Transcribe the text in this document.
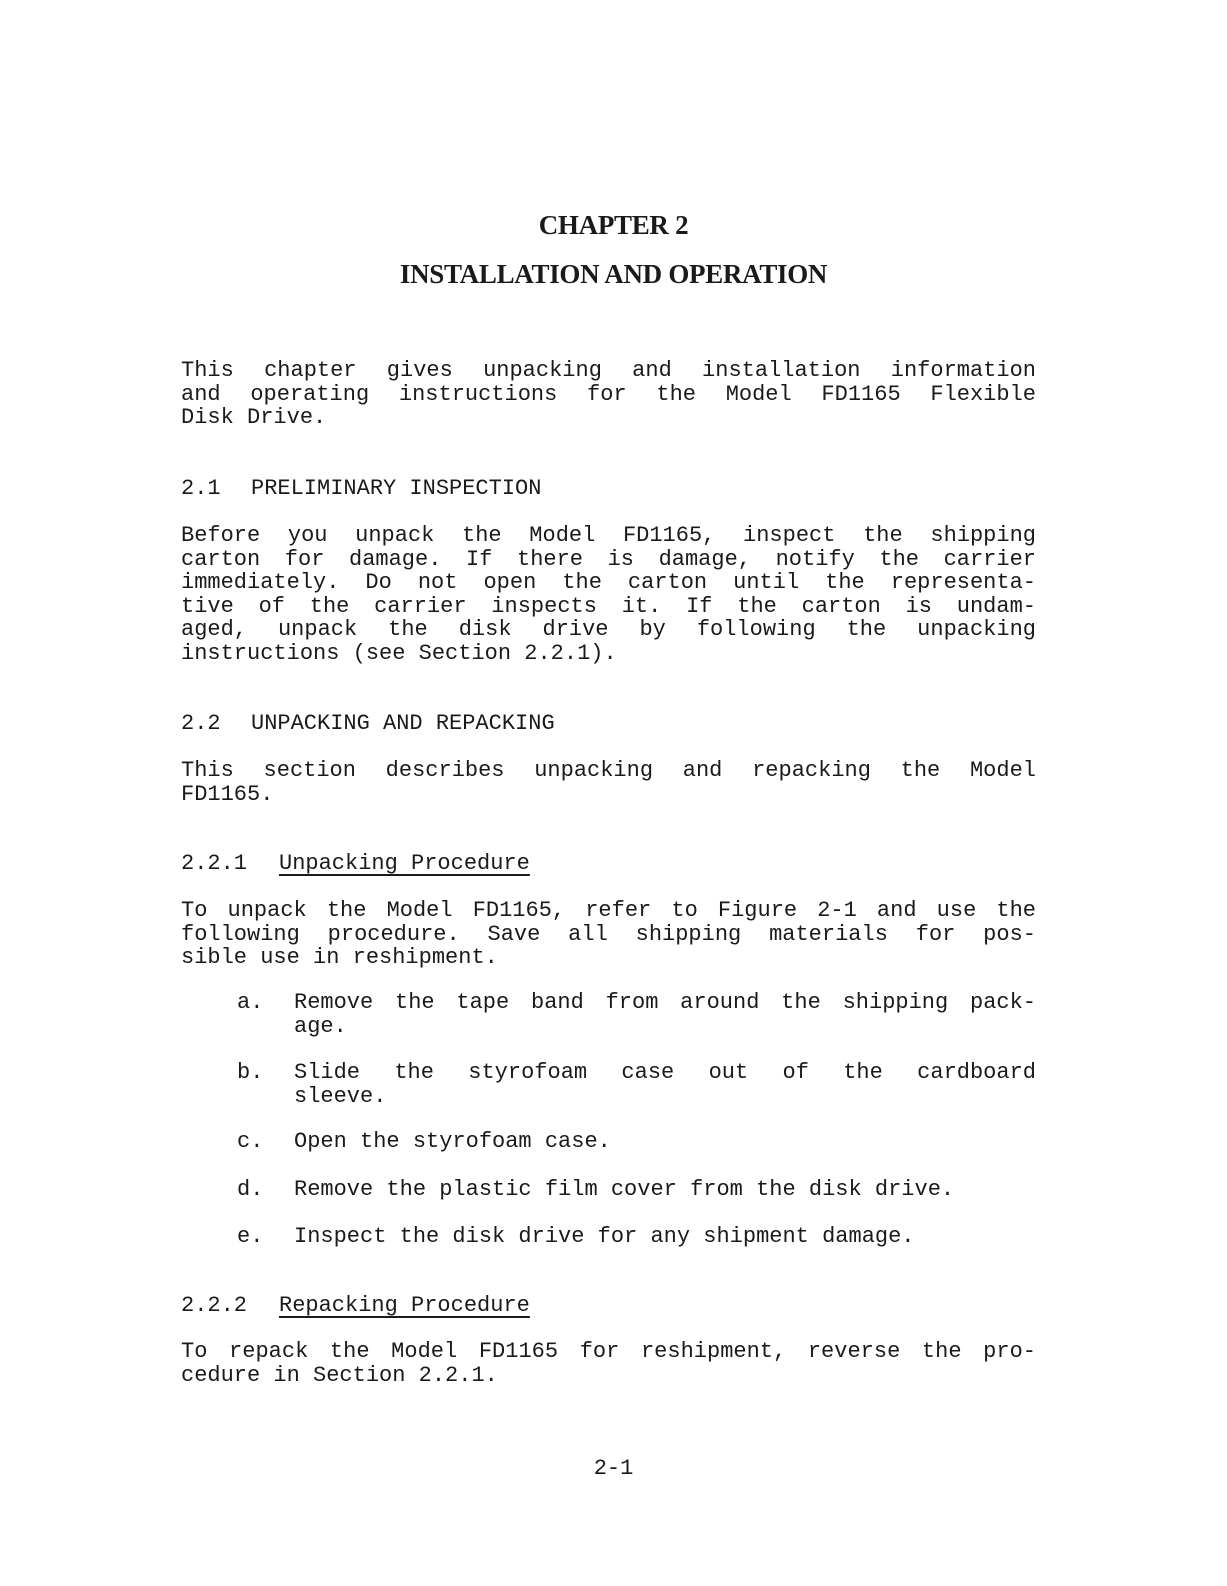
CHAPTER 2
INSTALLATION AND OPERATION

This chapter gives unpacking and installation information
and operating instructions for the Model FD1165 Flexible
Disk Drive.

2.1 PRELIMINARY INSPECTION

Before you unpack the Model FD1165, inspect the shipping
carton for damage. If there is damage, notify the carrier
immediately. Do not open the carton until the representa-
tive of the carrier inspects it. If the carton is undam-
aged, unpack the disk drive by following the unpacking
instructions (see Section 2.2.1).

2.2 UNPACKING AND REPACKING

This section describes unpacking and repacking the Model
FD1165.

2.2.1 Unpacking Procedure

To unpack the Model FD1165, refer to Figure 2-1 and use the
following procedure. Save all shipping materials for pos-
sible use in reshipment.

a.	Remove the tape band from around the shipping pack-
age.
b.	Slide the styrofoam case out of the cardboard
sleeve.
c.	Open the styrofoam case.
d.	Remove the plastic film cover from the disk drive.
e.	Inspect the disk drive for any shipment damage.
2.2.2 Repacking Procedure

To repack the Model FD1165 for reshipment, reverse the pro-
cedure in Section 2.2.1.

2-1
